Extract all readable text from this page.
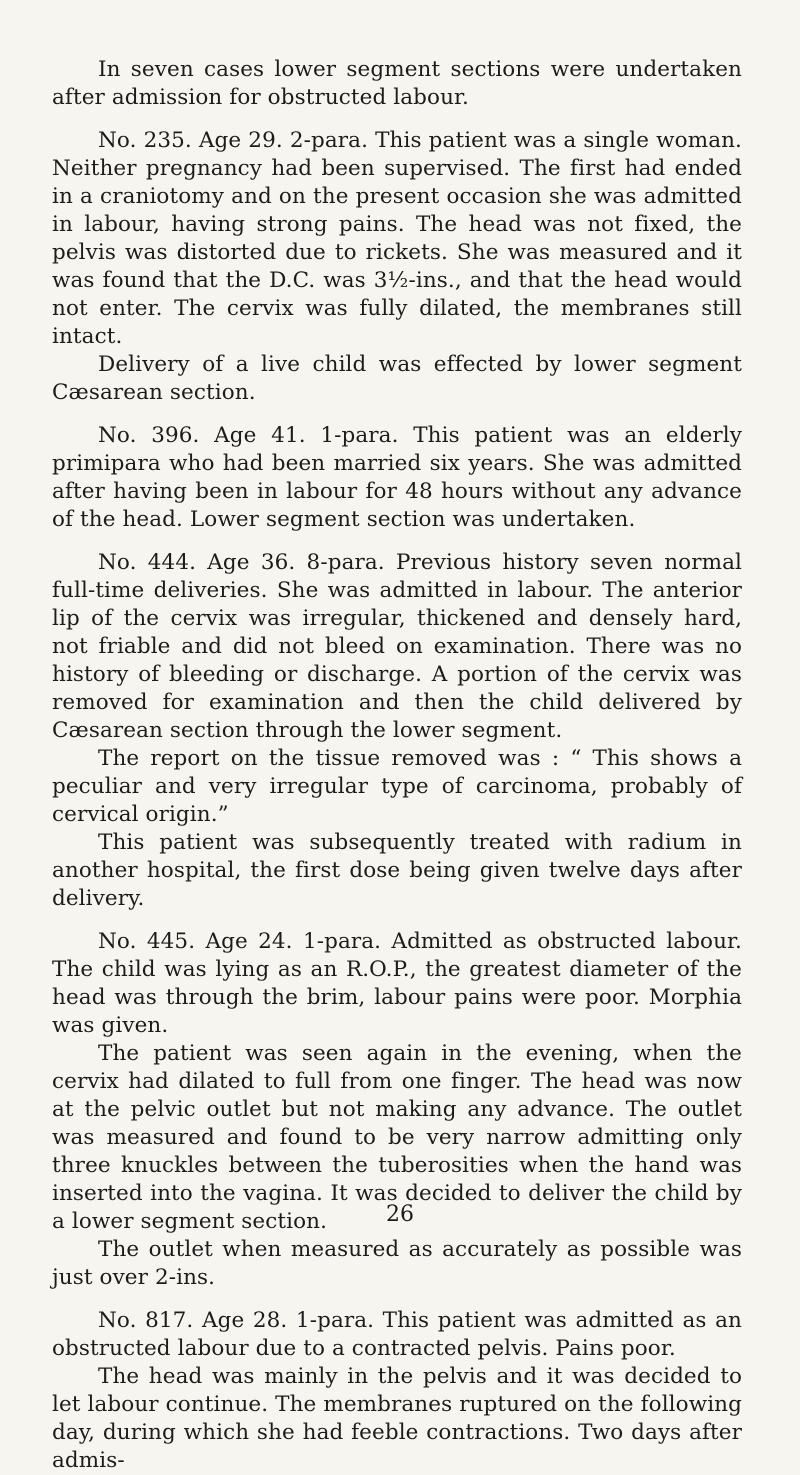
In seven cases lower segment sections were undertaken after admission for obstructed labour.

No. 235. Age 29. 2-para. This patient was a single woman. Neither pregnancy had been supervised. The first had ended in a craniotomy and on the present occasion she was admitted in labour, having strong pains. The head was not fixed, the pelvis was distorted due to rickets. She was measured and it was found that the D.C. was 3½-ins., and that the head would not enter. The cervix was fully dilated, the membranes still intact.

Delivery of a live child was effected by lower segment Cæsarean section.

No. 396. Age 41. 1-para. This patient was an elderly primipara who had been married six years. She was admitted after having been in labour for 48 hours without any advance of the head. Lower segment section was undertaken.

No. 444. Age 36. 8-para. Previous history seven normal full-time deliveries. She was admitted in labour. The anterior lip of the cervix was irregular, thickened and densely hard, not friable and did not bleed on examination. There was no history of bleeding or discharge. A portion of the cervix was removed for examination and then the child delivered by Cæsarean section through the lower segment.

The report on the tissue removed was : “ This shows a peculiar and very irregular type of carcinoma, probably of cervical origin.”

This patient was subsequently treated with radium in another hospital, the first dose being given twelve days after delivery.

No. 445. Age 24. 1-para. Admitted as obstructed labour. The child was lying as an R.O.P., the greatest diameter of the head was through the brim, labour pains were poor. Morphia was given.

The patient was seen again in the evening, when the cervix had dilated to full from one finger. The head was now at the pelvic outlet but not making any advance. The outlet was measured and found to be very narrow admitting only three knuckles between the tuberosities when the hand was inserted into the vagina. It was decided to deliver the child by a lower segment section.

The outlet when measured as accurately as possible was just over 2-ins.

No. 817. Age 28. 1-para. This patient was admitted as an obstructed labour due to a contracted pelvis. Pains poor.

The head was mainly in the pelvis and it was decided to let labour continue. The membranes ruptured on the following day, during which she had feeble contractions. Two days after admis-

26
